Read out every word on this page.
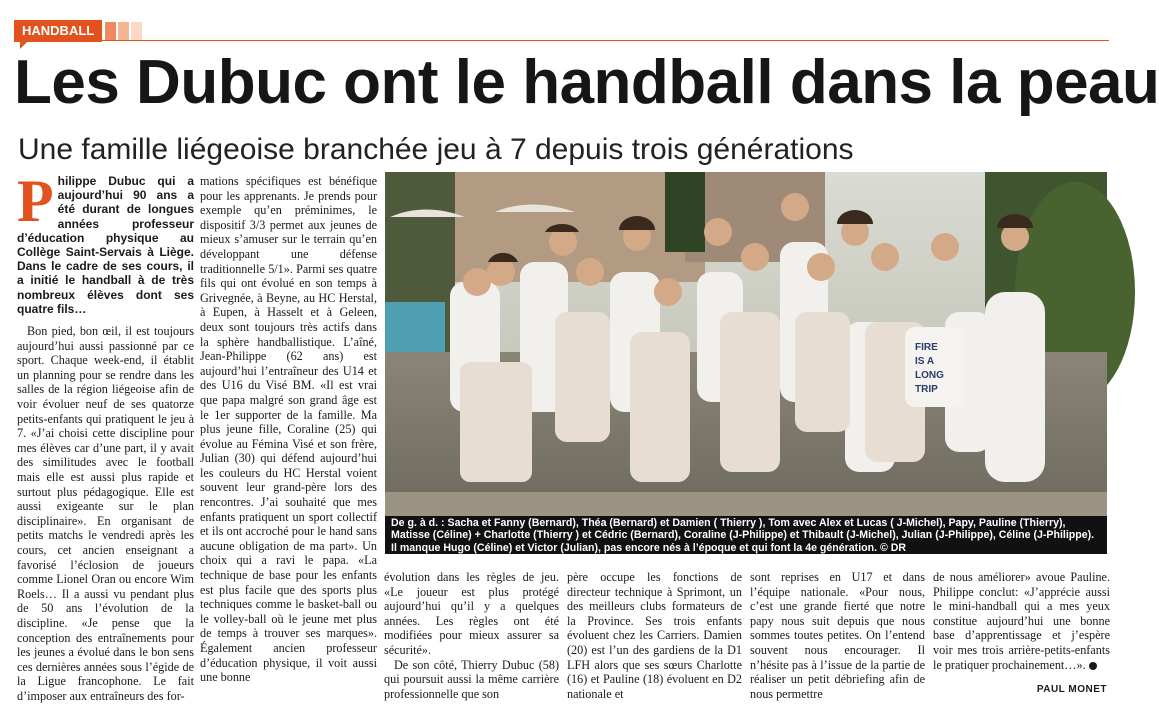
HANDBALL
Les Dubuc ont le handball dans la peau
Une famille liégeoise branchée jeu à 7 depuis trois générations
Philippe Dubuc qui a aujourd’hui 90 ans a été durant de longues années professeur d’éducation physique au Collège Saint-Servais à Liège. Dans le cadre de ses cours, il a initié le handball à de très nombreux élèves dont ses quatre fils…

Bon pied, bon œil, il est toujours aujourd’hui aussi passionné par ce sport. Chaque week-end, il établit un planning pour se rendre dans les salles de la région liégeoise afin de voir évoluer neuf de ses quatorze petits-enfants qui pratiquent le jeu à 7. «J’ai choisi cette discipline pour mes élèves car d’une part, il y avait des similitudes avec le football mais elle est aussi plus rapide et surtout plus pédagogique. Elle est aussi exigeante sur le plan disciplinaire». En organisant de petits matchs le vendredi après les cours, cet ancien enseignant a favorisé l’éclosion de joueurs comme Lionel Oran ou encore Wim Roels… Il a aussi vu pendant plus de 50 ans l’évolution de la discipline. «Je pense que la conception des entraînements pour les jeunes a évolué dans le bon sens ces dernières années sous l’égide de la Ligue francophone. Le fait d’imposer aux entraîneurs des for-

mations spécifiques est bénéfique pour les apprenants. Je prends pour exemple qu’en préminimes, le dispositif 3/3 permet aux jeunes de mieux s’amuser sur le terrain qu’en développant une défense traditionnelle 5/1». Parmi ses quatre fils qui ont évolué en son temps à Grivegnée, à Beyne, au HC Herstal, à Eupen, à Hasselt et à Geleen, deux sont toujours très actifs dans la sphère handballistique. L’aîné, Jean-Philippe (62 ans) est aujourd’hui l’entraîneur des U14 et des U16 du Visé BM. «Il est vrai que papa malgré son grand âge est le 1er supporter de la famille. Ma plus jeune fille, Coraline (25) qui évolue au Fémina Visé et son frère, Julian (30) qui défend aujourd’hui les couleurs du HC Herstal voient souvent leur grand-père lors des rencontres. J’ai souhaité que mes enfants pratiquent un sport collectif et ils ont accroché pour le hand sans aucune obligation de ma part». Un choix qui a ravi le papa. «La technique de base pour les enfants est plus facile que des sports plus techniques comme le basket-ball ou le volley-ball où le jeune met plus de temps à trouver ses marques». Également ancien professeur d’éducation physique, il voit aussi une bonne

FIRE
IS A
LONG
TRIP
De g. à d. : Sacha et Fanny (Bernard), Théa (Bernard) et Damien ( Thierry ), Tom avec Alex et Lucas ( J-Michel), Papy, Pauline (Thierry), Matisse (Céline) + Charlotte (Thierry ) et Cédric (Bernard), Coraline (J-Philippe) et Thibault (J-Michel), Julian (J-Philippe), Céline (J-Philippe). Il manque Hugo (Céline) et Victor (Julian), pas encore nés à l’époque et qui font la 4e génération. © DR

évolution dans les règles de jeu. «Le joueur est plus protégé aujourd’hui qu’il y a quelques années. Les règles ont été modifiées pour mieux assurer sa sécurité».

De son côté, Thierry Dubuc (58) qui poursuit aussi la même carrière professionnelle que son

père occupe les fonctions de directeur technique à Sprimont, un des meilleurs clubs formateurs de la Province. Ses trois enfants évoluent chez les Carriers. Damien (20) est l’un des gardiens de la D1 LFH alors que ses sœurs Charlotte (16) et Pauline (18) évoluent en D2 nationale et

sont reprises en U17 et dans l’équipe nationale. «Pour nous, c’est une grande fierté que notre papy nous suit depuis que nous sommes toutes petites. On l’entend souvent nous encourager. Il n’hésite pas à l’issue de la partie de réaliser un petit débriefing afin de nous permettre

de nous améliorer» avoue Pauline. Philippe conclut: «J’apprécie aussi le mini-handball qui a mes yeux constitue aujourd’hui une bonne base d’apprentissage et j’espère voir mes trois arrière-petits-enfants le pratiquer prochainement…».

PAUL MONET
